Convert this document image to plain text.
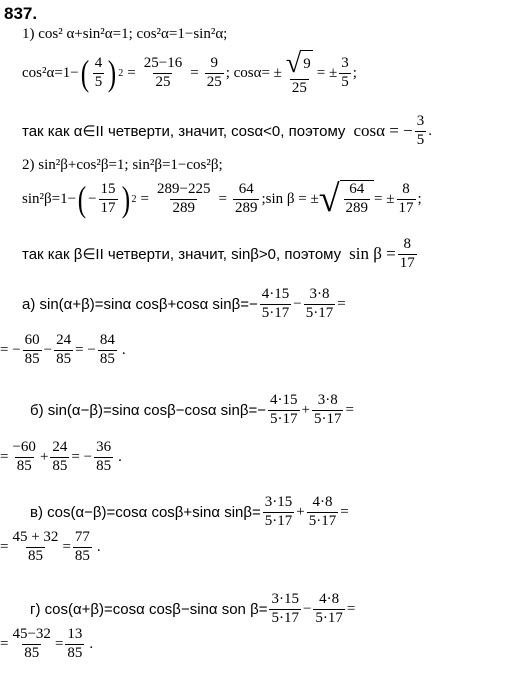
837.
1) cos² α+sin²α=1; cos²α=1−sin²α;
cos²α=1− ( $\frac{4}{5}$ ) $2 = \frac{25-16}{25} = \frac{9}{25}$ ; $\cos\alpha= \pm \frac{√ 9}{25}$ = ± $\frac{3}{5}$ ;
так как α∈II четверти, значит, cosα<0, поэтому cosα = − $\frac{3}{5}$ .
2) sin²β+cos²β=1; sin²β=1−cos²β;
sin²β=1− ( − $\frac{15}{17}$ ) $2 = \frac{289-225}{289} = \frac{64}{289}$ ;sin β = ± √ $\frac{64}{289}$ = ± $\frac{8}{17}$ ;
так как β∈II четверти, значит, sinβ>0, поэтому $\sin \beta = \frac{8}{17}$
а) sin(α+β)=sinα cosβ+cosα $\sin\beta=- \frac{4\cdot 15}{5\cdot 17} - \frac{3\cdot 8}{5\cdot 17}$ =
= − $\frac{60}{85} - \frac{24}{85}$ = − $\frac{84}{85}$ .
б) sin(α−β)=sinα cosβ−cosα $\sin\beta=- \frac{4\cdot 15}{5\cdot 17} + \frac{3\cdot 8}{5\cdot 17}$ =
= $\frac{-60}{85} + \frac{24}{85}$ = − $\frac{36}{85}$ .
в) cos(α−β)=cosα cosβ+sinα $\sin\beta= \frac{3\cdot 15}{5\cdot 17} + \frac{4\cdot 8}{5\cdot 17}$ =
= $\frac{45 + 32}{85} = \frac{77}{85}$ .
г) cos(α+β)=cosα cosβ−sinα son $\beta= \frac{3\cdot 15}{5\cdot 17} - \frac{4\cdot 8}{5\cdot 17}$ =
= $\frac{45-32}{85} = \frac{13}{85}$ .
